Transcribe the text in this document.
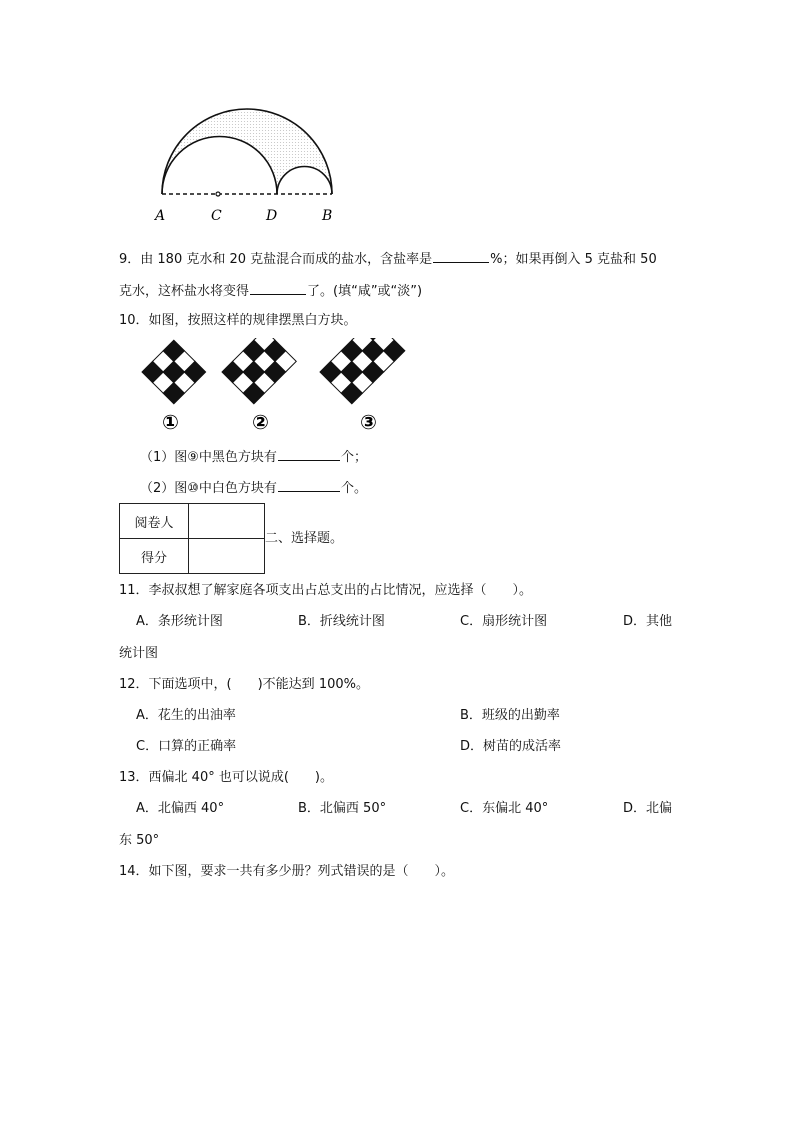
A	C	D	B
9．由 180 克水和 20 克盐混合而成的盐水，含盐率是	%；如果再倒入 5 克盐和 50
克水，这杯盐水将变得	了。(填“咸”或“淡”)
10．如图，按照这样的规律摆黑白方块。
①	②	③
（1）图⑨中黑色方块有	个；
（2）图⑩中白色方块有	个。
阅卷人	
得分	
二、选择题。
11．李叔叔想了解家庭各项支出占总支出的占比情况，应选择（　　）。
A．条形统计图	B．折线统计图	C．扇形统计图	D．其他
统计图
12．下面选项中，(　　)不能达到 100%。
A．花生的出油率	B．班级的出勤率
C．口算的正确率	D．树苗的成活率
13．西偏北 40° 也可以说成(　　)。
A．北偏西 40°	B．北偏西 50°	C．东偏北 40°	D．北偏
东 50°
14．如下图，要求一共有多少册？列式错误的是（　　）。
